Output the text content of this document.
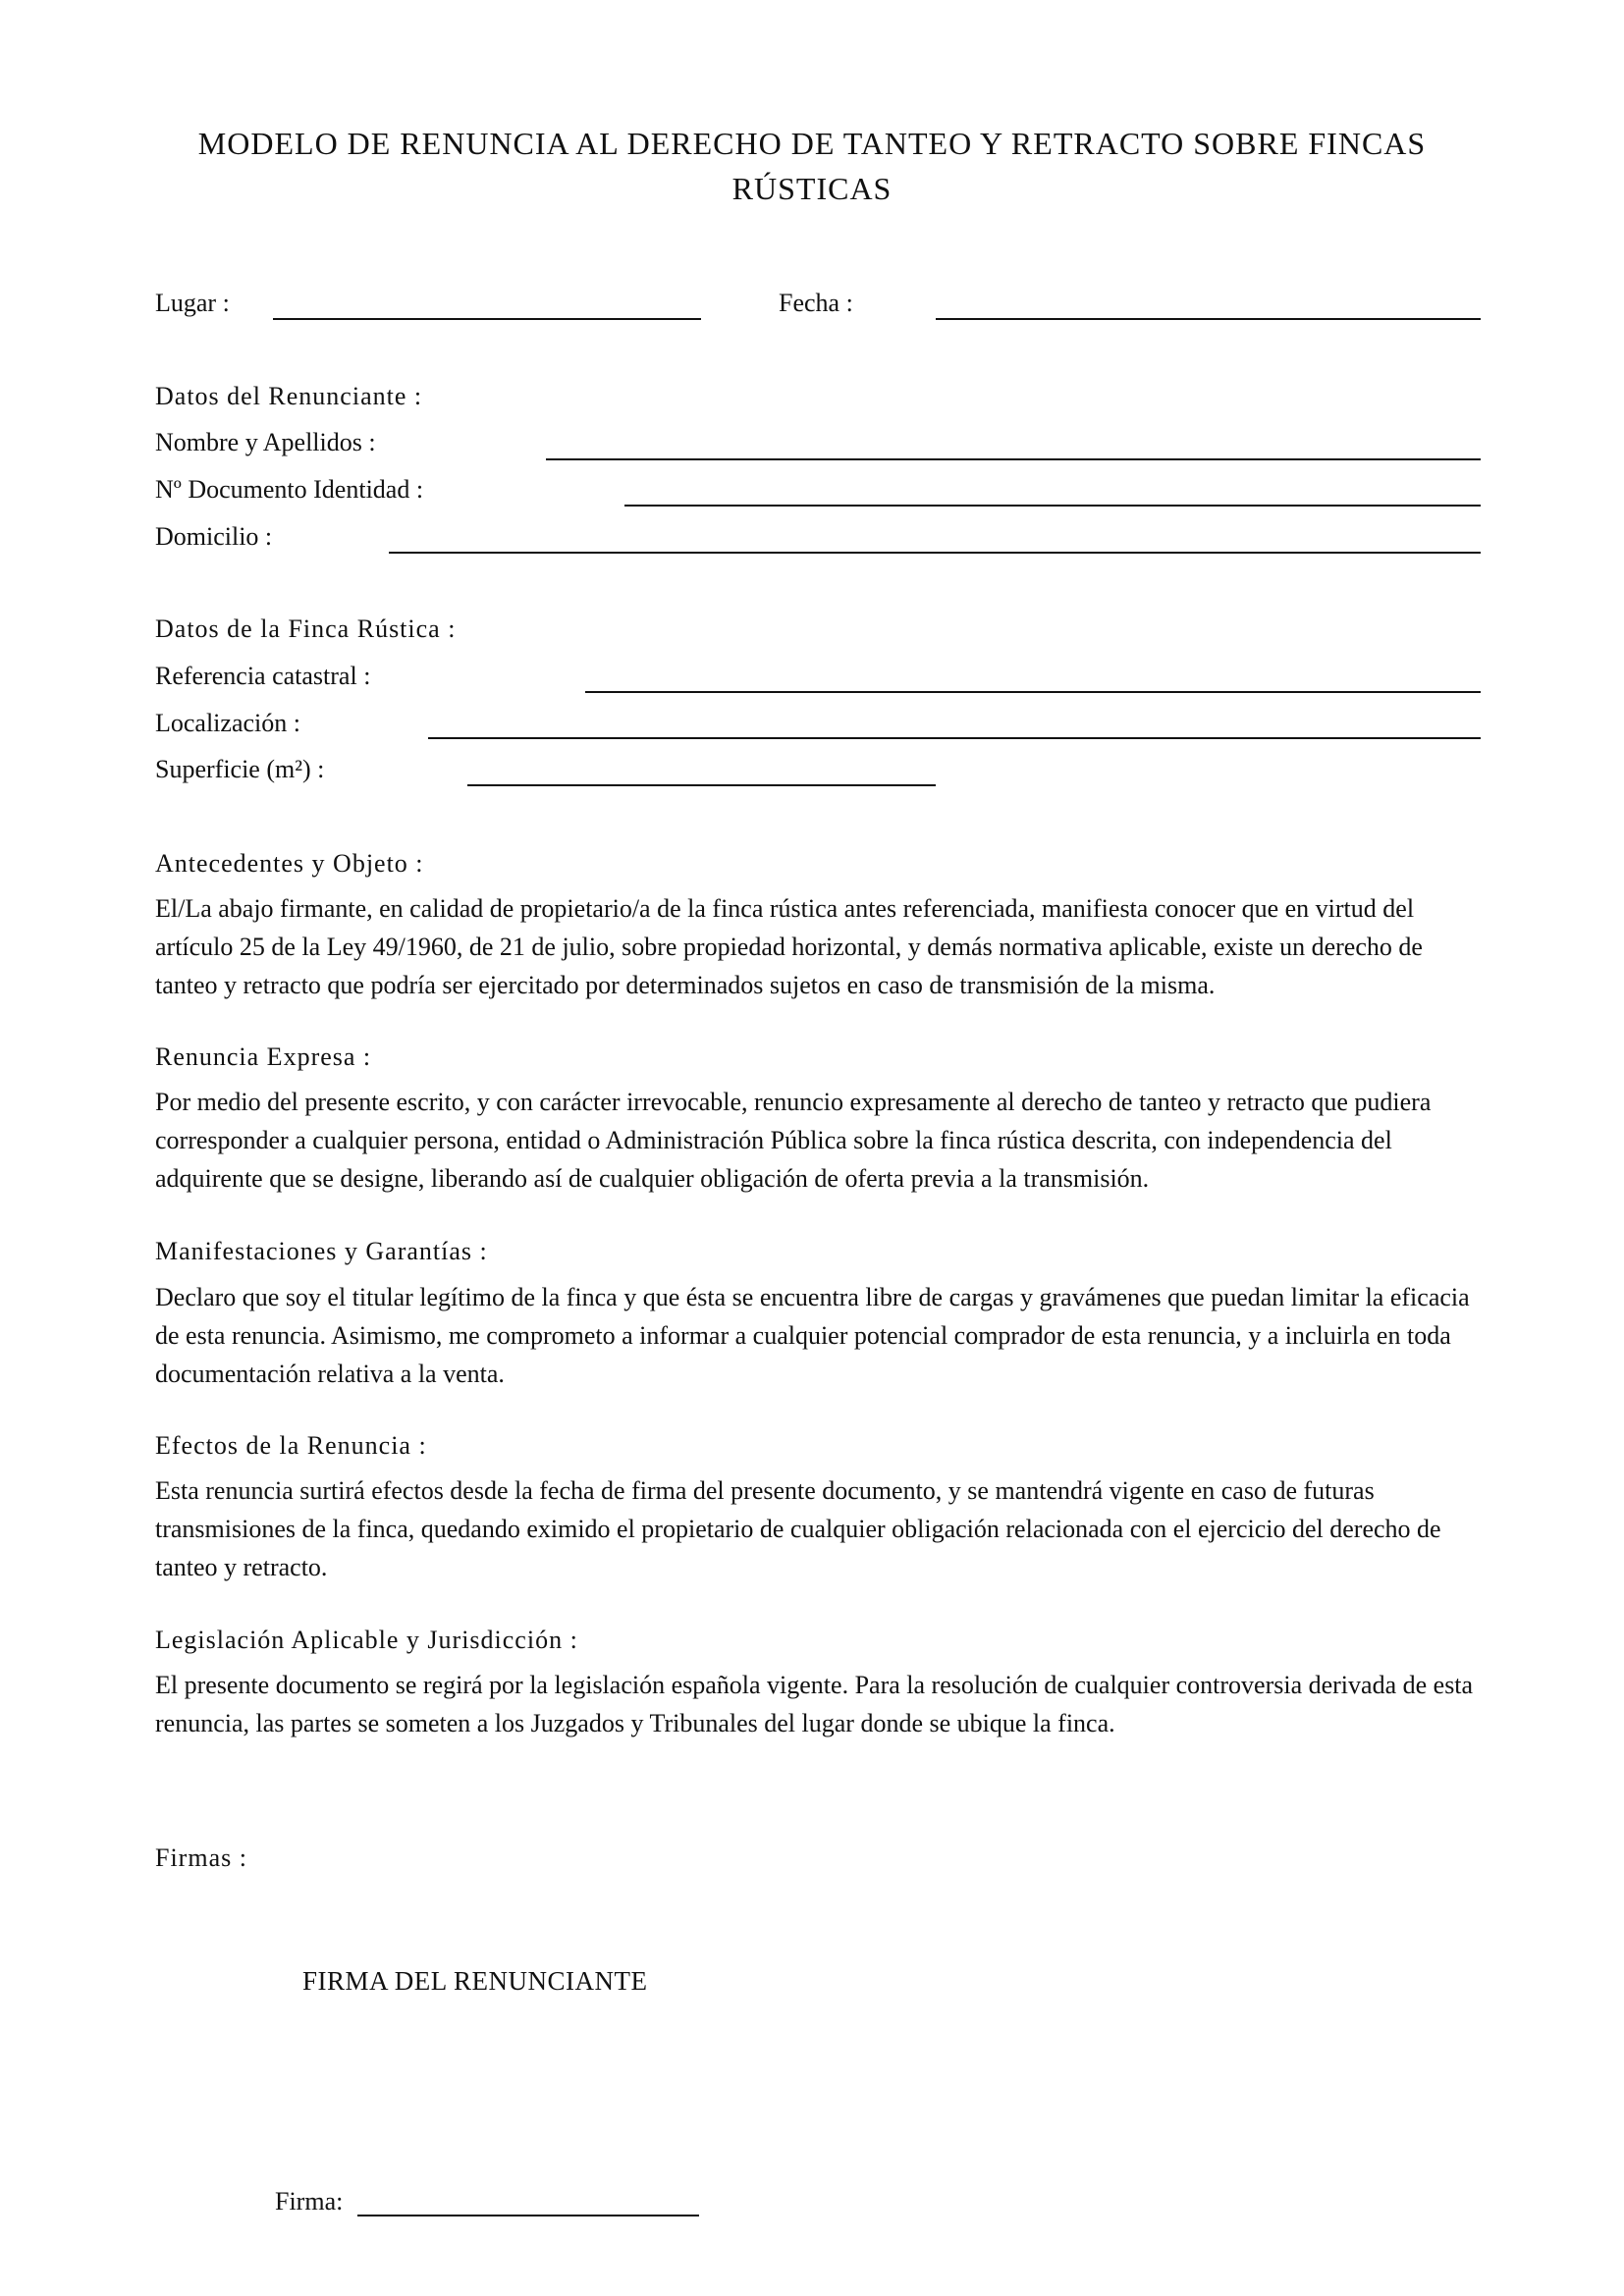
MODELO DE RENUNCIA AL DERECHO DE TANTEO Y RETRACTO SOBRE FINCAS
RÚSTICAS
Lugar :	Fecha :
Datos del Renunciante :
Nombre y Apellidos :
Nº Documento Identidad :
Domicilio :
Datos de la Finca Rústica :
Referencia catastral :
Localización :
Superficie (m²) :
Antecedentes y Objeto :
El/La abajo firmante, en calidad de propietario/a de la finca rústica antes referenciada, manifiesta conocer que en virtud del artículo 25 de la Ley 49/1960, de 21 de julio, sobre propiedad horizontal, y demás normativa aplicable, existe un derecho de tanteo y retracto que podría ser ejercitado por determinados sujetos en caso de transmisión de la misma.
Renuncia Expresa :
Por medio del presente escrito, y con carácter irrevocable, renuncio expresamente al derecho de tanteo y retracto que pudiera corresponder a cualquier persona, entidad o Administración Pública sobre la finca rústica descrita, con independencia del adquirente que se designe, liberando así de cualquier obligación de oferta previa a la transmisión.
Manifestaciones y Garantías :
Declaro que soy el titular legítimo de la finca y que ésta se encuentra libre de cargas y gravámenes que puedan limitar la eficacia de esta renuncia. Asimismo, me comprometo a informar a cualquier potencial comprador de esta renuncia, y a incluirla en toda documentación relativa a la venta.
Efectos de la Renuncia :
Esta renuncia surtirá efectos desde la fecha de firma del presente documento, y se mantendrá vigente en caso de futuras transmisiones de la finca, quedando eximido el propietario de cualquier obligación relacionada con el ejercicio del derecho de tanteo y retracto.
Legislación Aplicable y Jurisdicción :
El presente documento se regirá por la legislación española vigente. Para la resolución de cualquier controversia derivada de esta renuncia, las partes se someten a los Juzgados y Tribunales del lugar donde se ubique la finca.
Firmas :
FIRMA DEL RENUNCIANTE
Firma:
